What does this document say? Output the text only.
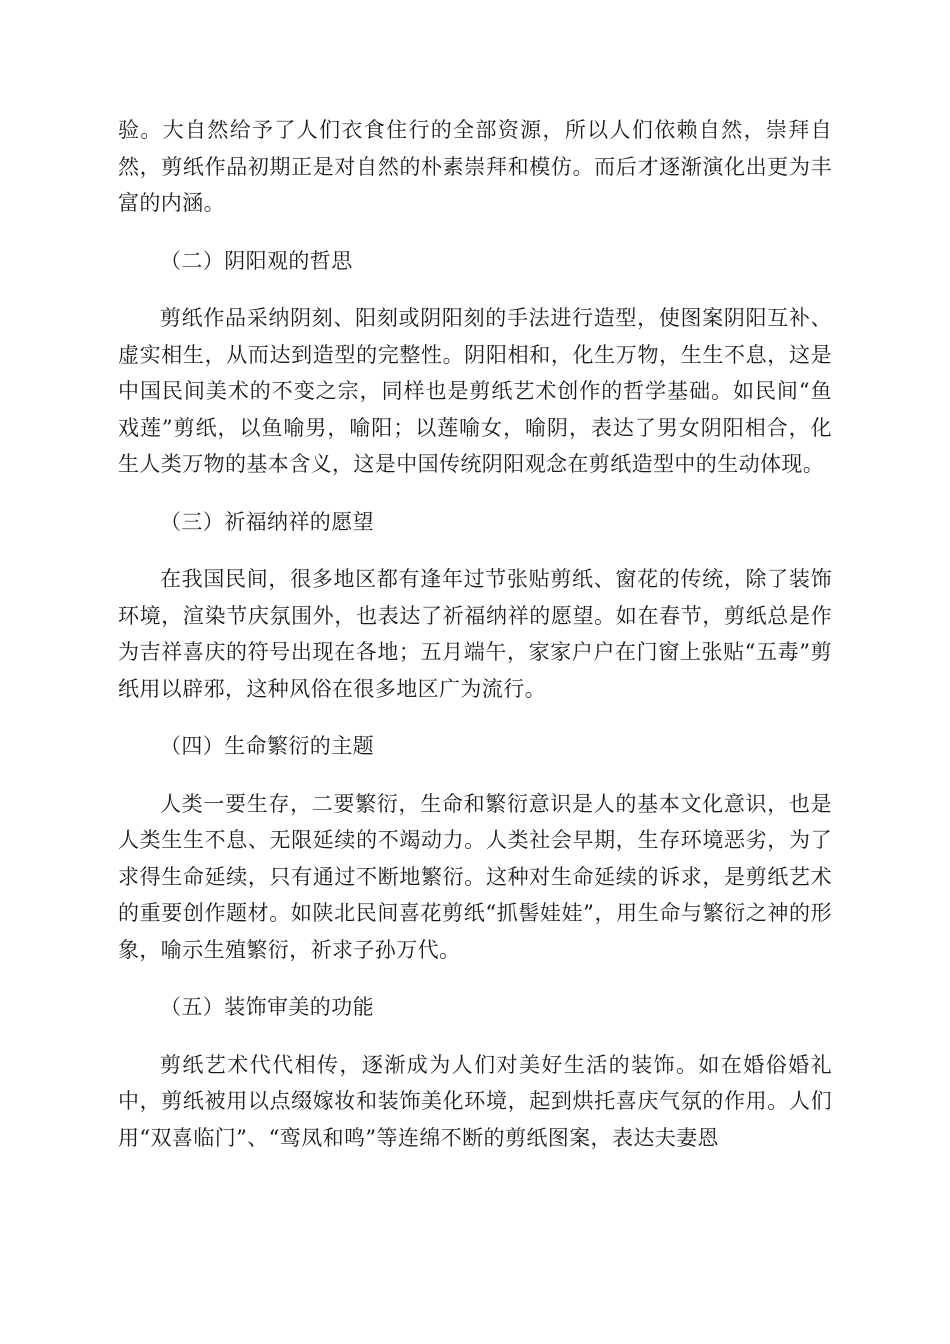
验。大自然给予了人们衣食住行的全部资源，所以人们依赖自然，崇拜自然，剪纸作品初期正是对自然的朴素崇拜和模仿。而后才逐渐演化出更为丰富的内涵。

（二）阴阳观的哲思

剪纸作品采纳阴刻、阳刻或阴阳刻的手法进行造型，使图案阴阳互补、虚实相生，从而达到造型的完整性。阴阳相和，化生万物，生生不息，这是中国民间美术的不变之宗，同样也是剪纸艺术创作的哲学基础。如民间“鱼戏莲”剪纸，以鱼喻男，喻阳；以莲喻女，喻阴，表达了男女阴阳相合，化生人类万物的基本含义，这是中国传统阴阳观念在剪纸造型中的生动体现。

（三）祈福纳祥的愿望

在我国民间，很多地区都有逢年过节张贴剪纸、窗花的传统，除了装饰环境，渲染节庆氛围外，也表达了祈福纳祥的愿望。如在春节，剪纸总是作为吉祥喜庆的符号出现在各地；五月端午，家家户户在门窗上张贴“五毒”剪纸用以辟邪，这种风俗在很多地区广为流行。

（四）生命繁衍的主题

人类一要生存，二要繁衍，生命和繁衍意识是人的基本文化意识，也是人类生生不息、无限延续的不竭动力。人类社会早期，生存环境恶劣，为了求得生命延续，只有通过不断地繁衍。这种对生命延续的诉求，是剪纸艺术的重要创作题材。如陕北民间喜花剪纸“抓髻娃娃”，用生命与繁衍之神的形象，喻示生殖繁衍，祈求子孙万代。

（五）装饰审美的功能

剪纸艺术代代相传，逐渐成为人们对美好生活的装饰。如在婚俗婚礼中，剪纸被用以点缀嫁妆和装饰美化环境，起到烘托喜庆气氛的作用。人们用“双喜临门”、“鸾凤和鸣”等连绵不断的剪纸图案，表达夫妻恩
